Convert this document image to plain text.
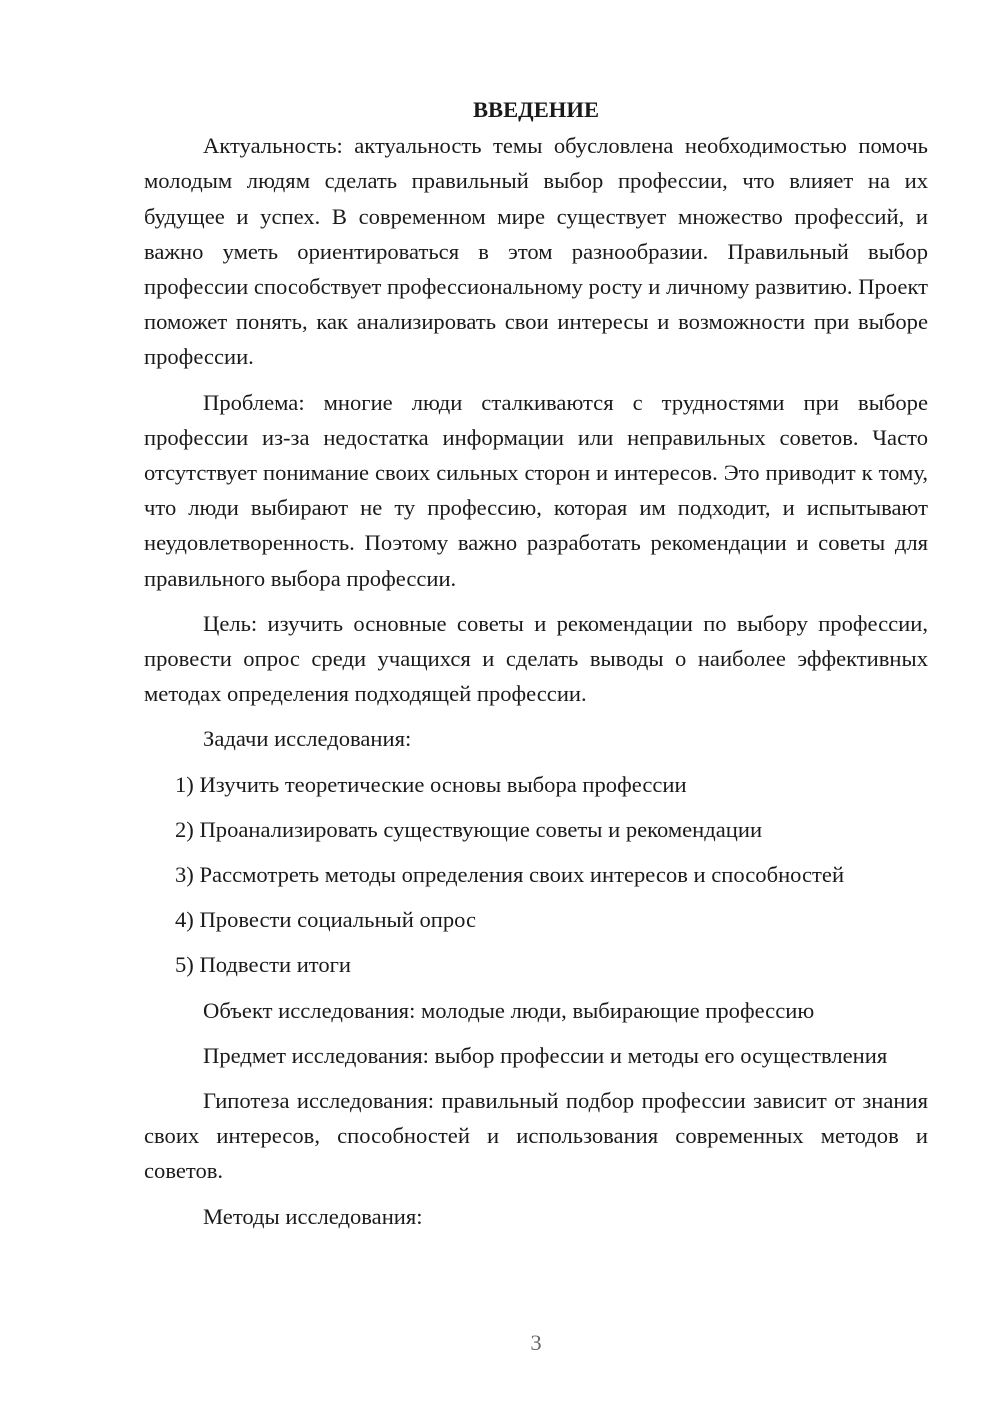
ВВЕДЕНИЕ

Актуальность: актуальность темы обусловлена необходимостью помочь молодым людям сделать правильный выбор профессии, что влияет на их будущее и успех. В современном мире существует множество профессий, и важно уметь ориентироваться в этом разнообразии. Правильный выбор профессии способствует профессиональному росту и личному развитию. Проект поможет понять, как анализировать свои интересы и возможности при выборе профессии.

Проблема: многие люди сталкиваются с трудностями при выборе профессии из-за недостатка информации или неправильных советов. Часто отсутствует понимание своих сильных сторон и интересов. Это приводит к тому, что люди выбирают не ту профессию, которая им подходит, и испытывают неудовлетворенность. Поэтому важно разработать рекомендации и советы для правильного выбора профессии.

Цель: изучить основные советы и рекомендации по выбору профессии, провести опрос среди учащихся и сделать выводы о наиболее эффективных методах определения подходящей профессии.

Задачи исследования:

1) Изучить теоретические основы выбора профессии
2) Проанализировать существующие советы и рекомендации
3) Рассмотреть методы определения своих интересов и способностей
4) Провести социальный опрос
5) Подвести итоги

Объект исследования: молодые люди, выбирающие профессию

Предмет исследования: выбор профессии и методы его осуществления

Гипотеза исследования: правильный подбор профессии зависит от знания своих интересов, способностей и использования современных методов и советов.

Методы исследования:

3
